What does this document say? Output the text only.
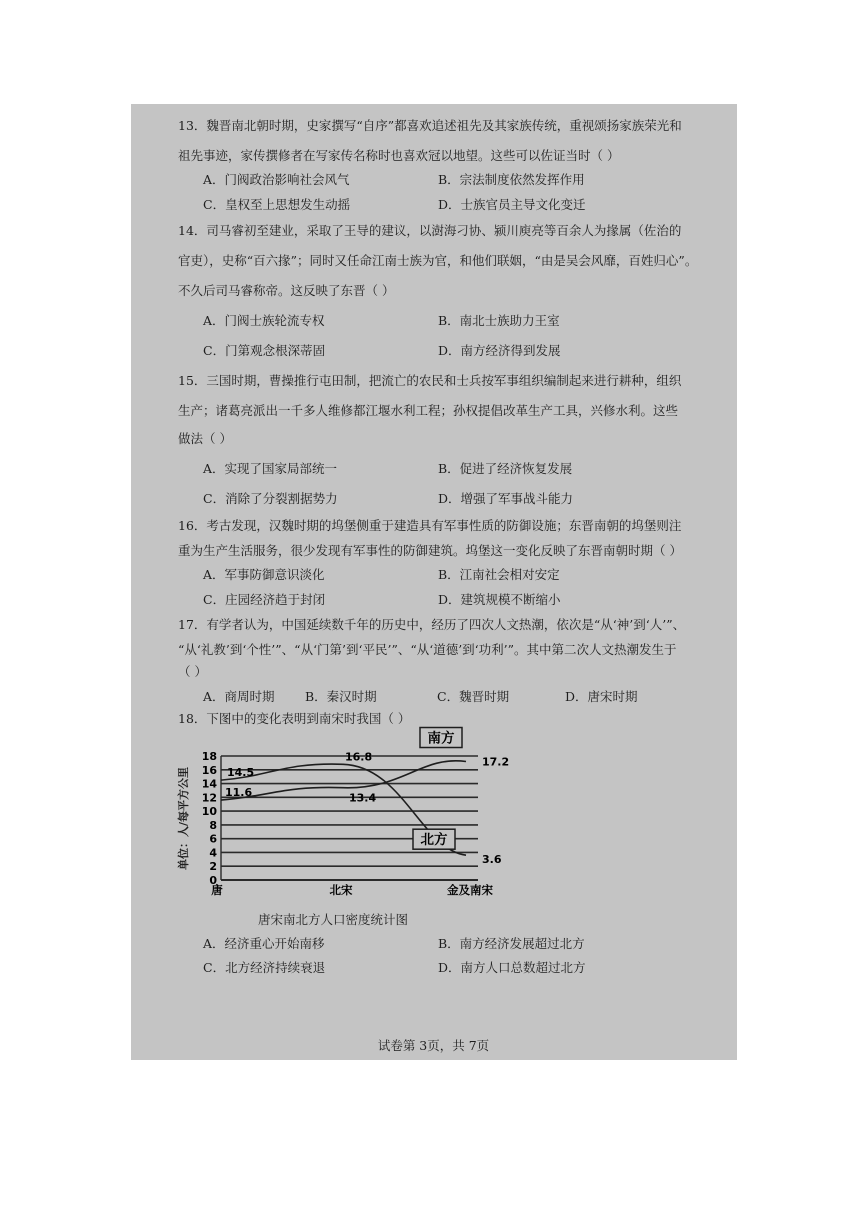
13．魏晋南北朝时期，史家撰写“自序”都喜欢追述祖先及其家族传统，重视颂扬家族荣光和
祖先事迹，家传撰修者在写家传名称时也喜欢冠以地望。这些可以佐证当时（ ）
A．门阀政治影响社会风气	B．宗法制度依然发挥作用
C．皇权至上思想发生动摇	D．士族官员主导文化变迁
14．司马睿初至建业，采取了王导的建议，以澍海刁协、颍川庾亮等百余人为掾属（佐治的
官吏），史称“百六掾”；同时又任命江南士族为官，和他们联姻，“由是吴会风靡，百姓归心”。
不久后司马睿称帝。这反映了东晋（ ）
A．门阀士族轮流专权	B．南北士族助力王室
C．门第观念根深蒂固	D．南方经济得到发展
15．三国时期，曹操推行屯田制，把流亡的农民和士兵按军事组织编制起来进行耕种，组织
生产；诸葛亮派出一千多人维修都江堰水利工程；孙权提倡改革生产工具，兴修水利。这些
做法（ ）
A．实现了国家局部统一	B．促进了经济恢复发展
C．消除了分裂割据势力	D．增强了军事战斗能力
16．考古发现，汉魏时期的坞堡侧重于建造具有军事性质的防御设施；东晋南朝的坞堡则注
重为生产生活服务，很少发现有军事性的防御建筑。坞堡这一变化反映了东晋南朝时期（ ）
A．军事防御意识淡化	B．江南社会相对安定
C．庄园经济趋于封闭	D．建筑规模不断缩小
17．有学者认为，中国延续数千年的历史中，经历了四次人文热潮，依次是“从‘神’到‘人’”、
“从‘礼教’到‘个性’”、“从‘门第’到‘平民’”、“从‘道德’到‘功利’”。其中第二次人文热潮发生于
（ ）
A．商周时期 B．秦汉时期	C．魏晋时期	D．唐宋时期
18．下图中的变化表明到南宋时我国（ ）
A．经济重心开始南移	B．南方经济发展超过北方
C．北方经济持续衰退	D．南方人口总数超过北方
0
2
4
6
8
10
12
14
16
18
唐	北宋	金及南宋
11.6	13.4
17.2
南方
14.5
16.8
3.6
北方
单位：人/每平方公里
唐宋南北方人口密度统计图
试卷第 3页，共 7页
